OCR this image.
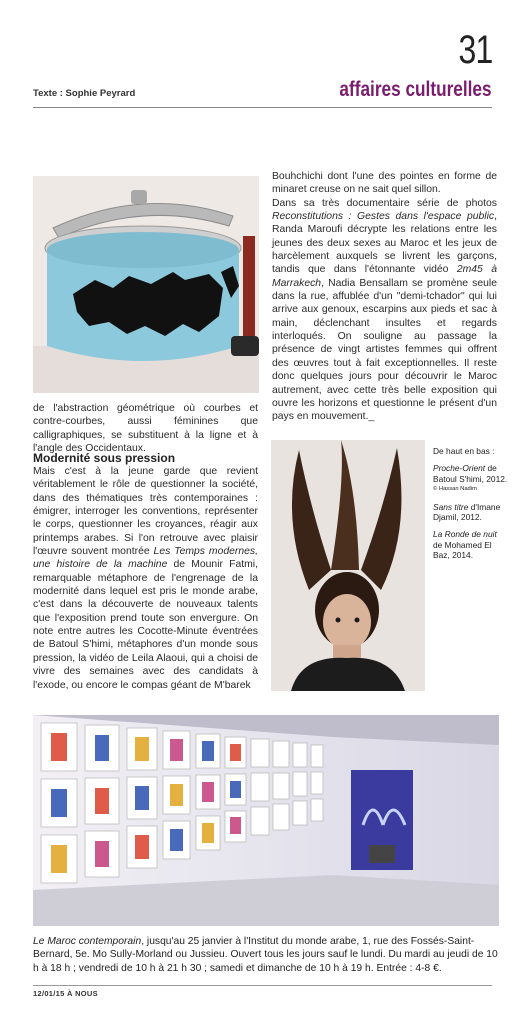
31
Texte : Sophie Peyrard	affaires culturelles

Bouhchichi dont l'une des pointes en forme de minaret creuse on ne sait quel sillon.

Dans sa très documentaire série de photos Reconstitutions : Gestes dans l'espace public, Randa Maroufi décrypte les relations entre les jeunes des deux sexes au Maroc et les jeux de harcèlement auxquels se livrent les garçons, tandis que dans l'étonnante vidéo 2m45 à Marrakech, Nadia Bensallam se promène seule dans la rue, affublée d'un "demi-tchador" qui lui arrive aux genoux, escarpins aux pieds et sac à main, déclenchant insultes et regards interloqués. On souligne au passage la présence de vingt artistes femmes qui offrent des œuvres tout à fait exceptionnelles. Il reste donc quelques jours pour découvrir le Maroc autrement, avec cette très belle exposition qui ouvre les horizons et questionne le présent d'un pays en mouvement._

de l'abstraction géométrique où courbes et contre-courbes, aussi féminines que calligraphiques, se substituent à la ligne et à l'angle des Occidentaux.
Modernité sous pression

Mais c'est à la jeune garde que revient véritablement le rôle de questionner la société, dans des thématiques très contemporaines : émigrer, interroger les conventions, représenter le corps, questionner les croyances, réagir aux printemps arabes. Si l'on retrouve avec plaisir l'œuvre souvent montrée Les Temps modernes, une histoire de la machine de Mounir Fatmi, remarquable métaphore de l'engrenage de la modernité dans lequel est pris le monde arabe, c'est dans la découverte de nouveaux talents que l'exposition prend toute son envergure. On note entre autres les Cocotte-Minute éventrées de Batoul S'himi, métaphores d'un monde sous pression, la vidéo de Leila Alaoui, qui a choisi de vivre des semaines avec des candidats à l'exode, ou encore le compas géant de M'barek

De haut en bas :

Proche-Orient de Batoul S'himi, 2012.
© Hassan Nadim

Sans titre d'Imane Djamil, 2012.

La Ronde de nuit de Mohamed El Baz, 2014.

Le Maroc contemporain, jusqu'au 25 janvier à l'Institut du monde arabe, 1, rue des Fossés-Saint-Bernard, 5e. Mo Sully-Morland ou Jussieu. Ouvert tous les jours sauf le lundi. Du mardi au jeudi de 10 h à 18 h ; vendredi de 10 h à 21 h 30 ; samedi et dimanche de 10 h à 19 h. Entrée : 4-8 €.
12/01/15 À NOUS
